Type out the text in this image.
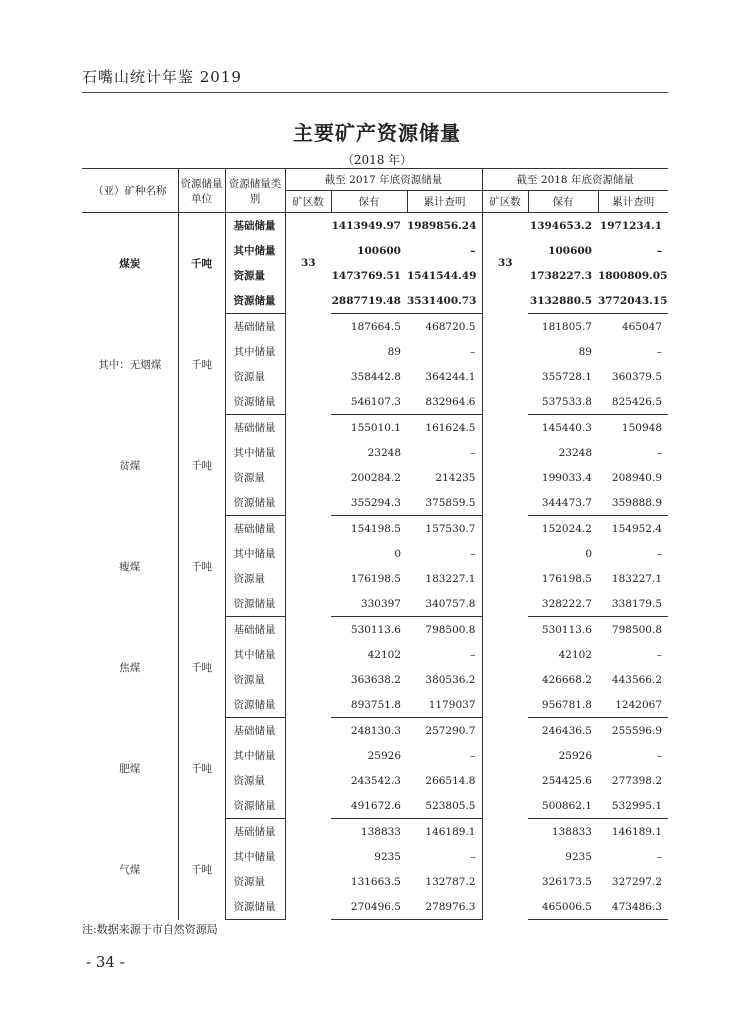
石嘴山统计年鉴 2019
主要矿产资源储量
（2018 年）
（亚）矿种名称	资源储量单位	资源储量类别	截至 2017 年底资源储量			截至 2018 年底资源储量		
			矿区数	保有	累计查明	矿区数	保有	累计查明
煤炭	千吨	基础储量	33	1413949.97	1989856.24	33	1394653.2	1971234.1
		其中储量		100600	–		100600	–
		资源量		1473769.51	1541544.49		1738227.3	1800809.05
		资源储量		2887719.48	3531400.73		3132880.5	3772043.15
其中：无烟煤	千吨	基础储量		187664.5	468720.5		181805.7	465047
		其中储量		89	–		89	–
		资源量		358442.8	364244.1		355728.1	360379.5
		资源储量		546107.3	832964.6		537533.8	825426.5
贫煤	千吨	基础储量		155010.1	161624.5		145440.3	150948
		其中储量		23248	–		23248	–
		资源量		200284.2	214235		199033.4	208940.9
		资源储量		355294.3	375859.5		344473.7	359888.9
瘦煤	千吨	基础储量		154198.5	157530.7		152024.2	154952.4
		其中储量		0	–		0	–
		资源量		176198.5	183227.1		176198.5	183227.1
		资源储量		330397	340757.8		328222.7	338179.5
焦煤	千吨	基础储量		530113.6	798500.8		530113.6	798500.8
		其中储量		42102	–		42102	–
		资源量		363638.2	380536.2		426668.2	443566.2
		资源储量		893751.8	1179037		956781.8	1242067
肥煤	千吨	基础储量		248130.3	257290.7		246436.5	255596.9
		其中储量		25926	–		25926	–
		资源量		243542.3	266514.8		254425.6	277398.2
		资源储量		491672.6	523805.5		500862.1	532995.1
气煤	千吨	基础储量		138833	146189.1		138833	146189.1
		其中储量		9235	–		9235	–
		资源量		131663.5	132787.2		326173.5	327297.2
		资源储量		270496.5	278976.3		465006.5	473486.3
注:数据来源于市自然资源局
- 34 -
